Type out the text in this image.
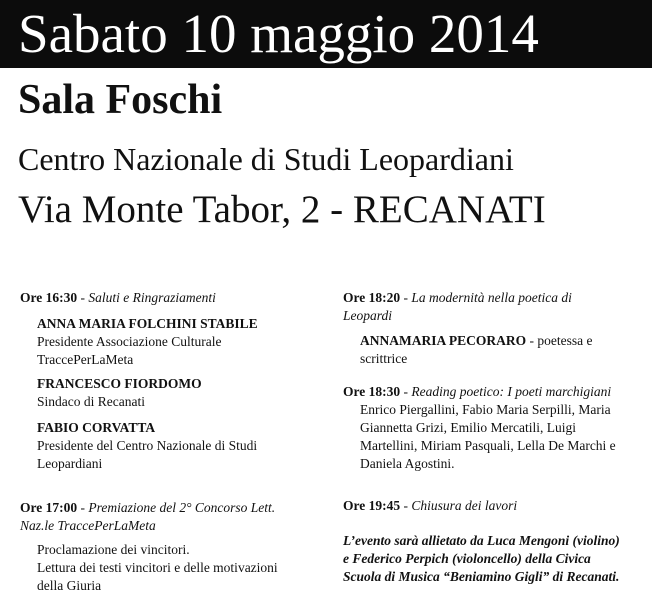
Sabato 10 maggio 2014
Sala Foschi
Centro Nazionale di Studi Leopardiani
Via Monte Tabor, 2 - RECANATI
Ore 16:30 - Saluti e Ringraziamenti
ANNA MARIA FOLCHINI STABILE
Presidente Associazione Culturale
TraccePerLaMeta
FRANCESCO FIORDOMO
Sindaco di Recanati
FABIO CORVATTA
Presidente del Centro Nazionale di Studi
Leopardiani
Ore 17:00 - Premiazione del 2° Concorso Lett.
Naz.le TraccePerLaMeta
Proclamazione dei vincitori.
Lettura dei testi vincitori e delle motivazioni
della Giuria
Ore 18:20 - La modernità nella poetica di
Leopardi
ANNAMARIA PECORARO - poetessa e
scrittrice
Ore 18:30 - Reading poetico: I poeti marchigiani
Enrico Piergallini, Fabio Maria Serpilli, Maria
Giannetta Grizi, Emilio Mercatili, Luigi
Martellini, Miriam Pasquali, Lella De Marchi e
Daniela Agostini.
Ore 19:45 - Chiusura dei lavori
L’evento sarà allietato da Luca Mengoni (violino)
e Federico Perpich (violoncello) della Civica
Scuola di Musica “Beniamino Gigli” di Recanati.
